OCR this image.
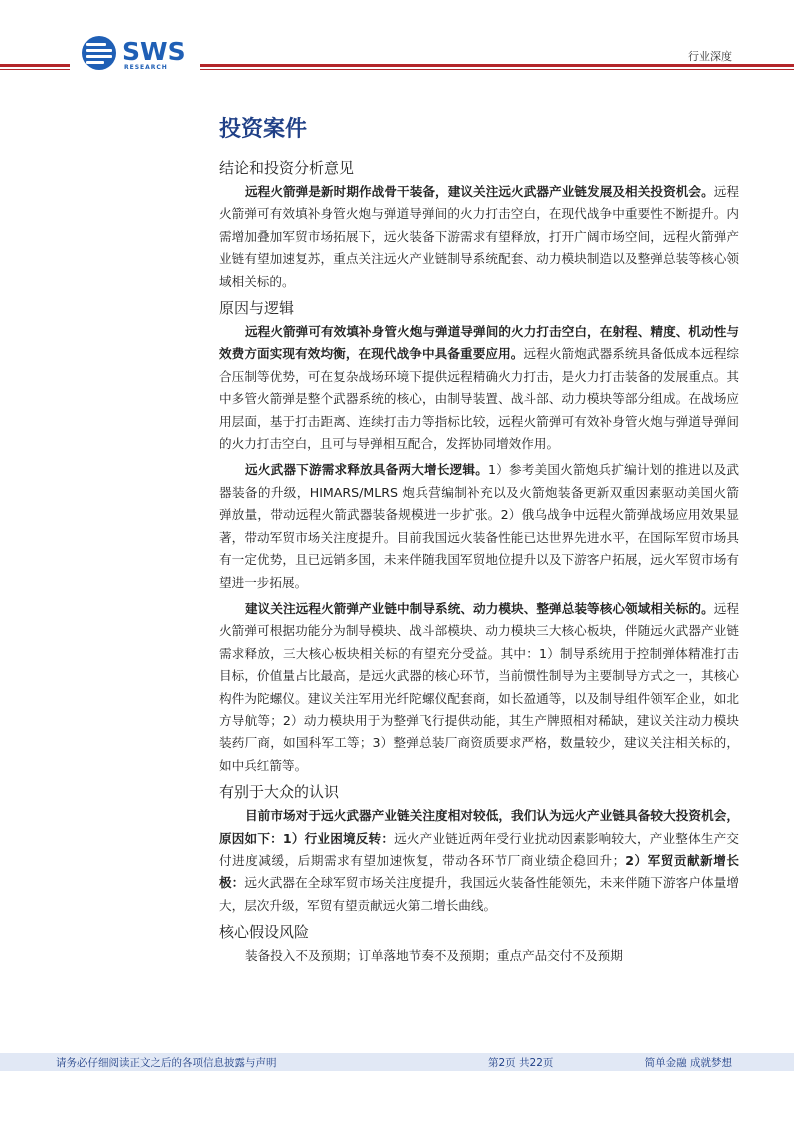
SWS
RESEARCH
行业深度
投资案件
结论和投资分析意见

远程火箭弹是新时期作战骨干装备，建议关注远火武器产业链发展及相关投资机会。远程火箭弹可有效填补身管火炮与弹道导弹间的火力打击空白，在现代战争中重要性不断提升。内需增加叠加军贸市场拓展下，远火装备下游需求有望释放，打开广阔市场空间，远程火箭弹产业链有望加速复苏，重点关注远火产业链制导系统配套、动力模块制造以及整弹总装等核心领域相关标的。

原因与逻辑

远程火箭弹可有效填补身管火炮与弹道导弹间的火力打击空白，在射程、精度、机动性与效费方面实现有效均衡，在现代战争中具备重要应用。远程火箭炮武器系统具备低成本远程综合压制等优势，可在复杂战场环境下提供远程精确火力打击，是火力打击装备的发展重点。其中多管火箭弹是整个武器系统的核心，由制导装置、战斗部、动力模块等部分组成。在战场应用层面，基于打击距离、连续打击力等指标比较，远程火箭弹可有效补身管火炮与弹道导弹间的火力打击空白，且可与导弹相互配合，发挥协同增效作用。

远火武器下游需求释放具备两大增长逻辑。1）参考美国火箭炮兵扩编计划的推进以及武器装备的升级，HIMARS/MLRS 炮兵营编制补充以及火箭炮装备更新双重因素驱动美国火箭弹放量，带动远程火箭武器装备规模进一步扩张。2）俄乌战争中远程火箭弹战场应用效果显著，带动军贸市场关注度提升。目前我国远火装备性能已达世界先进水平，在国际军贸市场具有一定优势，且已远销多国，未来伴随我国军贸地位提升以及下游客户拓展，远火军贸市场有望进一步拓展。

建议关注远程火箭弹产业链中制导系统、动力模块、整弹总装等核心领域相关标的。远程火箭弹可根据功能分为制导模块、战斗部模块、动力模块三大核心板块，伴随远火武器产业链需求释放，三大核心板块相关标的有望充分受益。其中：1）制导系统用于控制弹体精准打击目标，价值量占比最高，是远火武器的核心环节，当前惯性制导为主要制导方式之一，其核心构件为陀螺仪。建议关注军用光纤陀螺仪配套商，如长盈通等，以及制导组件领军企业，如北方导航等；2）动力模块用于为整弹飞行提供动能，其生产牌照相对稀缺，建议关注动力模块装药厂商，如国科军工等；3）整弹总装厂商资质要求严格，数量较少，建议关注相关标的，如中兵红箭等。

有别于大众的认识

目前市场对于远火武器产业链关注度相对较低，我们认为远火产业链具备较大投资机会，原因如下：1）行业困境反转：远火产业链近两年受行业扰动因素影响较大，产业整体生产交付进度减缓，后期需求有望加速恢复，带动各环节厂商业绩企稳回升；2）军贸贡献新增长极：远火武器在全球军贸市场关注度提升，我国远火装备性能领先，未来伴随下游客户体量增大，层次升级，军贸有望贡献远火第二增长曲线。

核心假设风险

装备投入不及预期；订单落地节奏不及预期；重点产品交付不及预期

请务必仔细阅读正文之后的各项信息披露与声明	第2页 共22页	简单金融 成就梦想
